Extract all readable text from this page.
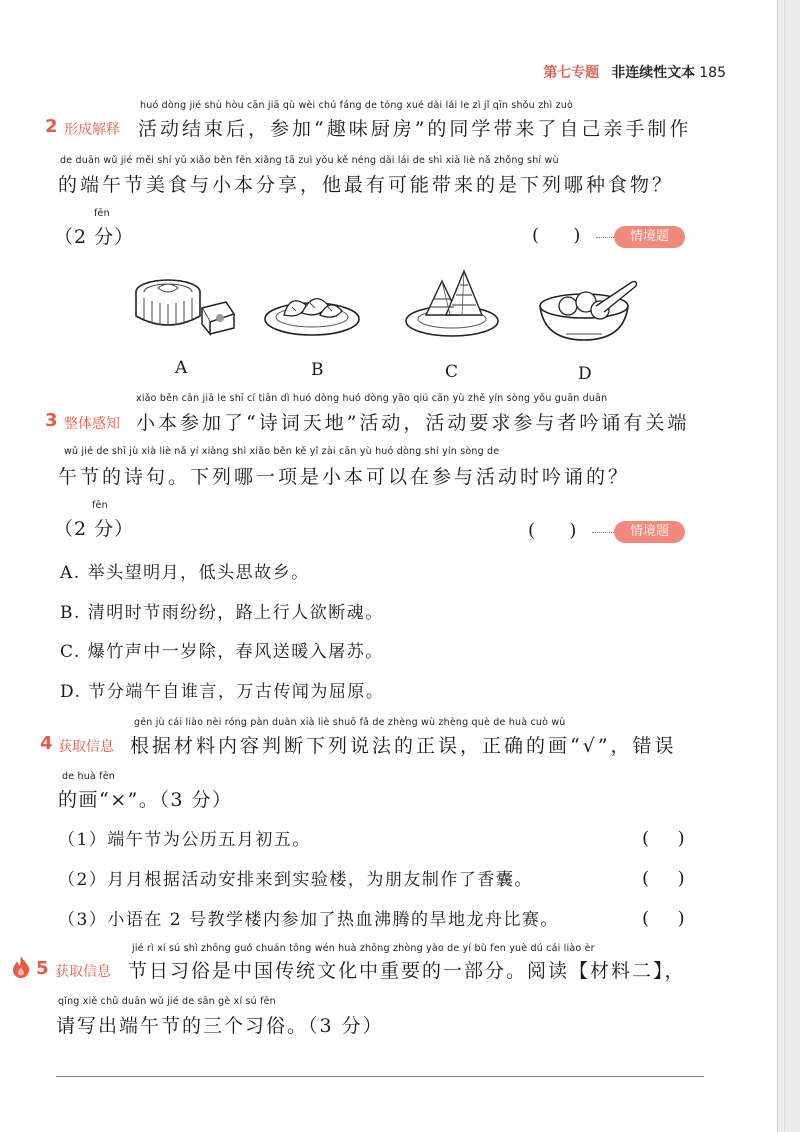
第七专题 非连续性文本 185
2 形成解释
huó dòng jié shù hòu cān jiā qù wèi chú fáng de tóng xué dài lái le zì jǐ qīn shǒu zhì zuò
活动结束后，参加“趣味厨房”的同学带来了自己亲手制作
de duān wǔ jié měi shí yǔ xiǎo běn fēn xiǎng tā zuì yǒu kě néng dài lái de shì xià liè nǎ zhǒng shí wù
的端午节美食与小本分享，他最有可能带来的是下列哪种食物？
fēn
（2 分）	(      )	情境题
A	B	C	D
3 整体感知
xiǎo běn cān jiā le shī cí tiān dì huó dòng huó dòng yāo qiú cān yù zhě yín sòng yǒu guān duān
小本参加了“诗词天地”活动，活动要求参与者吟诵有关端
wǔ jié de shī jù xià liè nǎ yí xiàng shì xiǎo běn kě yǐ zài cān yù huó dòng shí yín sòng de
午节的诗句。下列哪一项是小本可以在参与活动时吟诵的？
fēn
（2 分）	(      )	情境题
A. 举头望明月，低头思故乡。
B. 清明时节雨纷纷，路上行人欲断魂。
C. 爆竹声中一岁除，春风送暖入屠苏。
D. 节分端午自谁言，万古传闻为屈原。
4 获取信息
gēn jù cái liào nèi róng pàn duàn xià liè shuō fǎ de zhèng wù zhèng què de huà cuò wù
根据材料内容判断下列说法的正误，正确的画“√”，错误
de huà fēn
的画“×”。（3 分）
（1）端午节为公历五月初五。	(     )
（2）月月根据活动安排来到实验楼，为朋友制作了香囊。	(     )
（3）小语在 2 号教学楼内参加了热血沸腾的旱地龙舟比赛。	(     )
5 获取信息
jié rì xí sú shì zhōng guó chuán tǒng wén huà zhōng zhòng yào de yí bù fen yuè dú cái liào èr
节日习俗是中国传统文化中重要的一部分。阅读【材料二】，
qǐng xiě chū duān wǔ jié de sān gè xí sú fēn
请写出端午节的三个习俗。（3 分）
